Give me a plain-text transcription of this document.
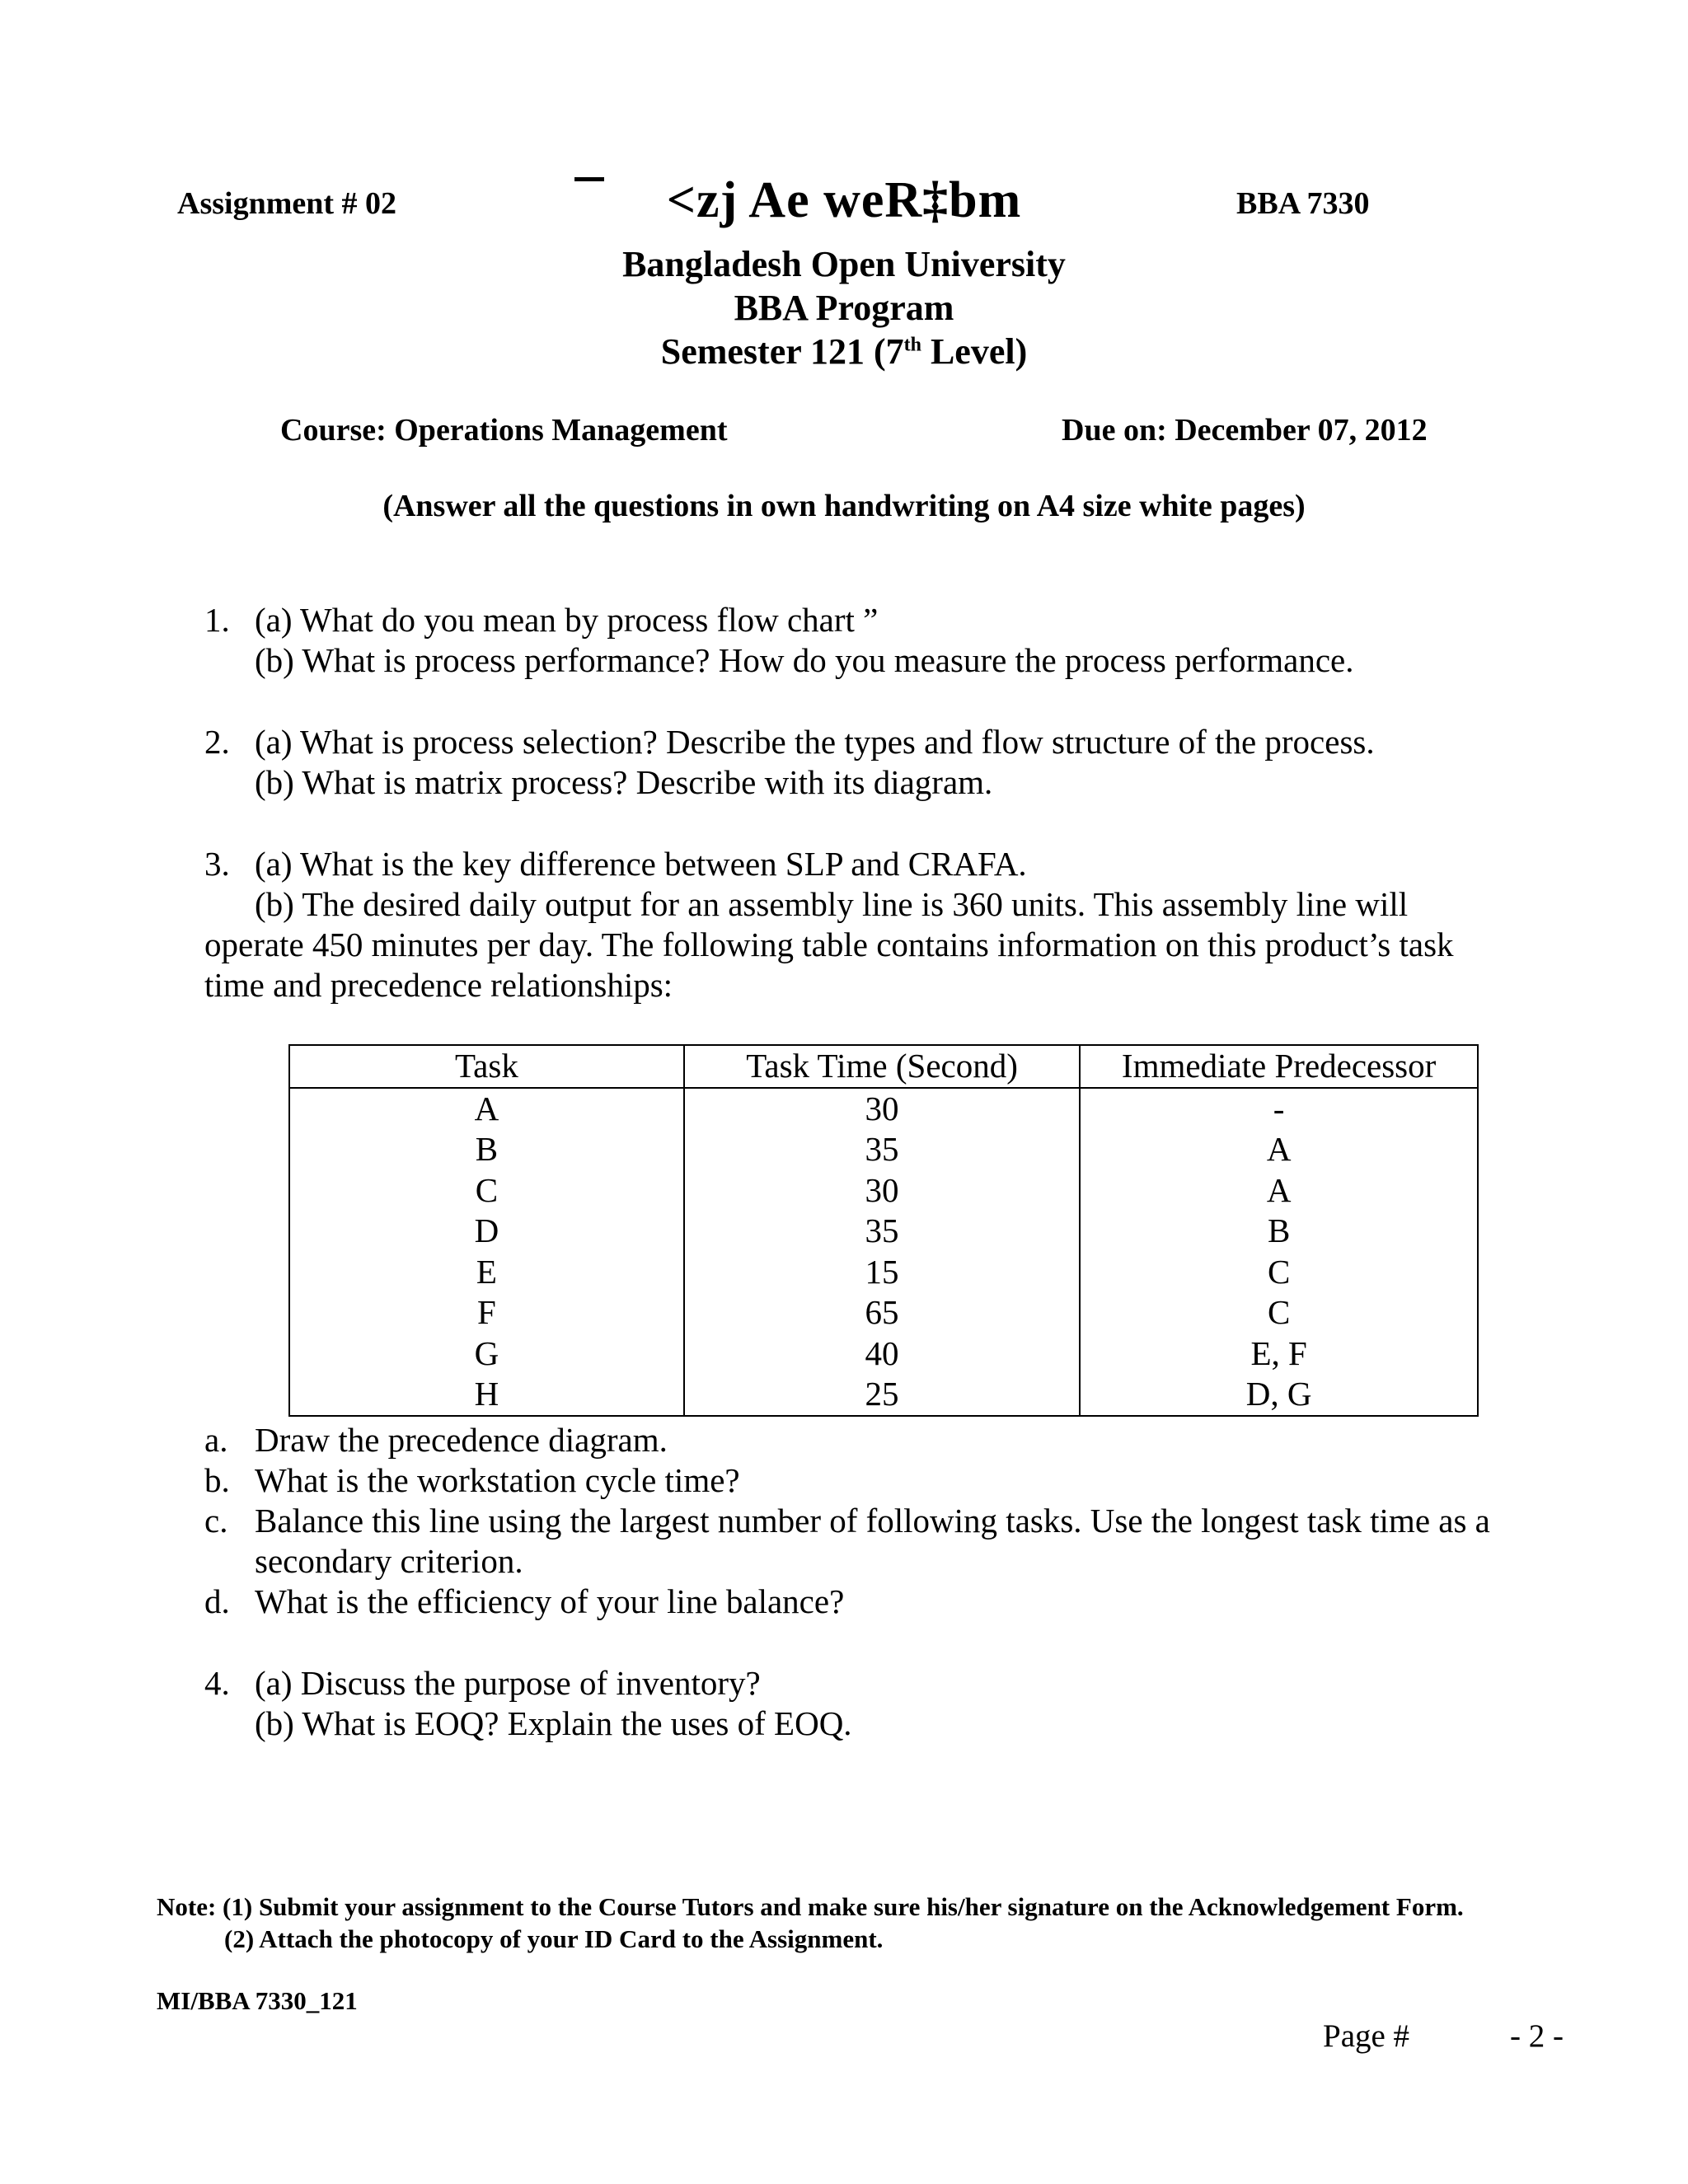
Assignment # 02	<zj Ae weR‡bm	BBA 7330
Bangladesh Open University
BBA Program
Semester 121 (7th Level)
Course: Operations Management	Due on: December 07, 2012
(Answer all the questions in own handwriting on A4 size white pages)
1. (a) What do you mean by process flow chart ”
(b) What is process performance? How do you measure the process performance.
2. (a) What is process selection? Describe the types and flow structure of the process.
(b) What is matrix process? Describe with its diagram.
3. (a) What is the key difference between SLP and CRAFA.
(b) The desired daily output for an assembly line is 360 units. This assembly line will
operate 450 minutes per day. The following table contains information on this product’s task
time and precedence relationships:
Task	Task Time (Second)	Immediate Predecessor
A	30	-
B	35	A
C	30	A
D	35	B
E	15	C
F	65	C
G	40	E, F
H	25	D, G
a. Draw the precedence diagram.
b. What is the workstation cycle time?
c. Balance this line using the largest number of following tasks. Use the longest task time as a
secondary criterion.
d. What is the efficiency of your line balance?
4. (a) Discuss the purpose of inventory?
(b) What is EOQ? Explain the uses of EOQ.
Note: (1) Submit your assignment to the Course Tutors and make sure his/her signature on the Acknowledgement Form.
(2) Attach the photocopy of your ID Card to the Assignment.
MI/BBA 7330_121
Page #	- 2 -
